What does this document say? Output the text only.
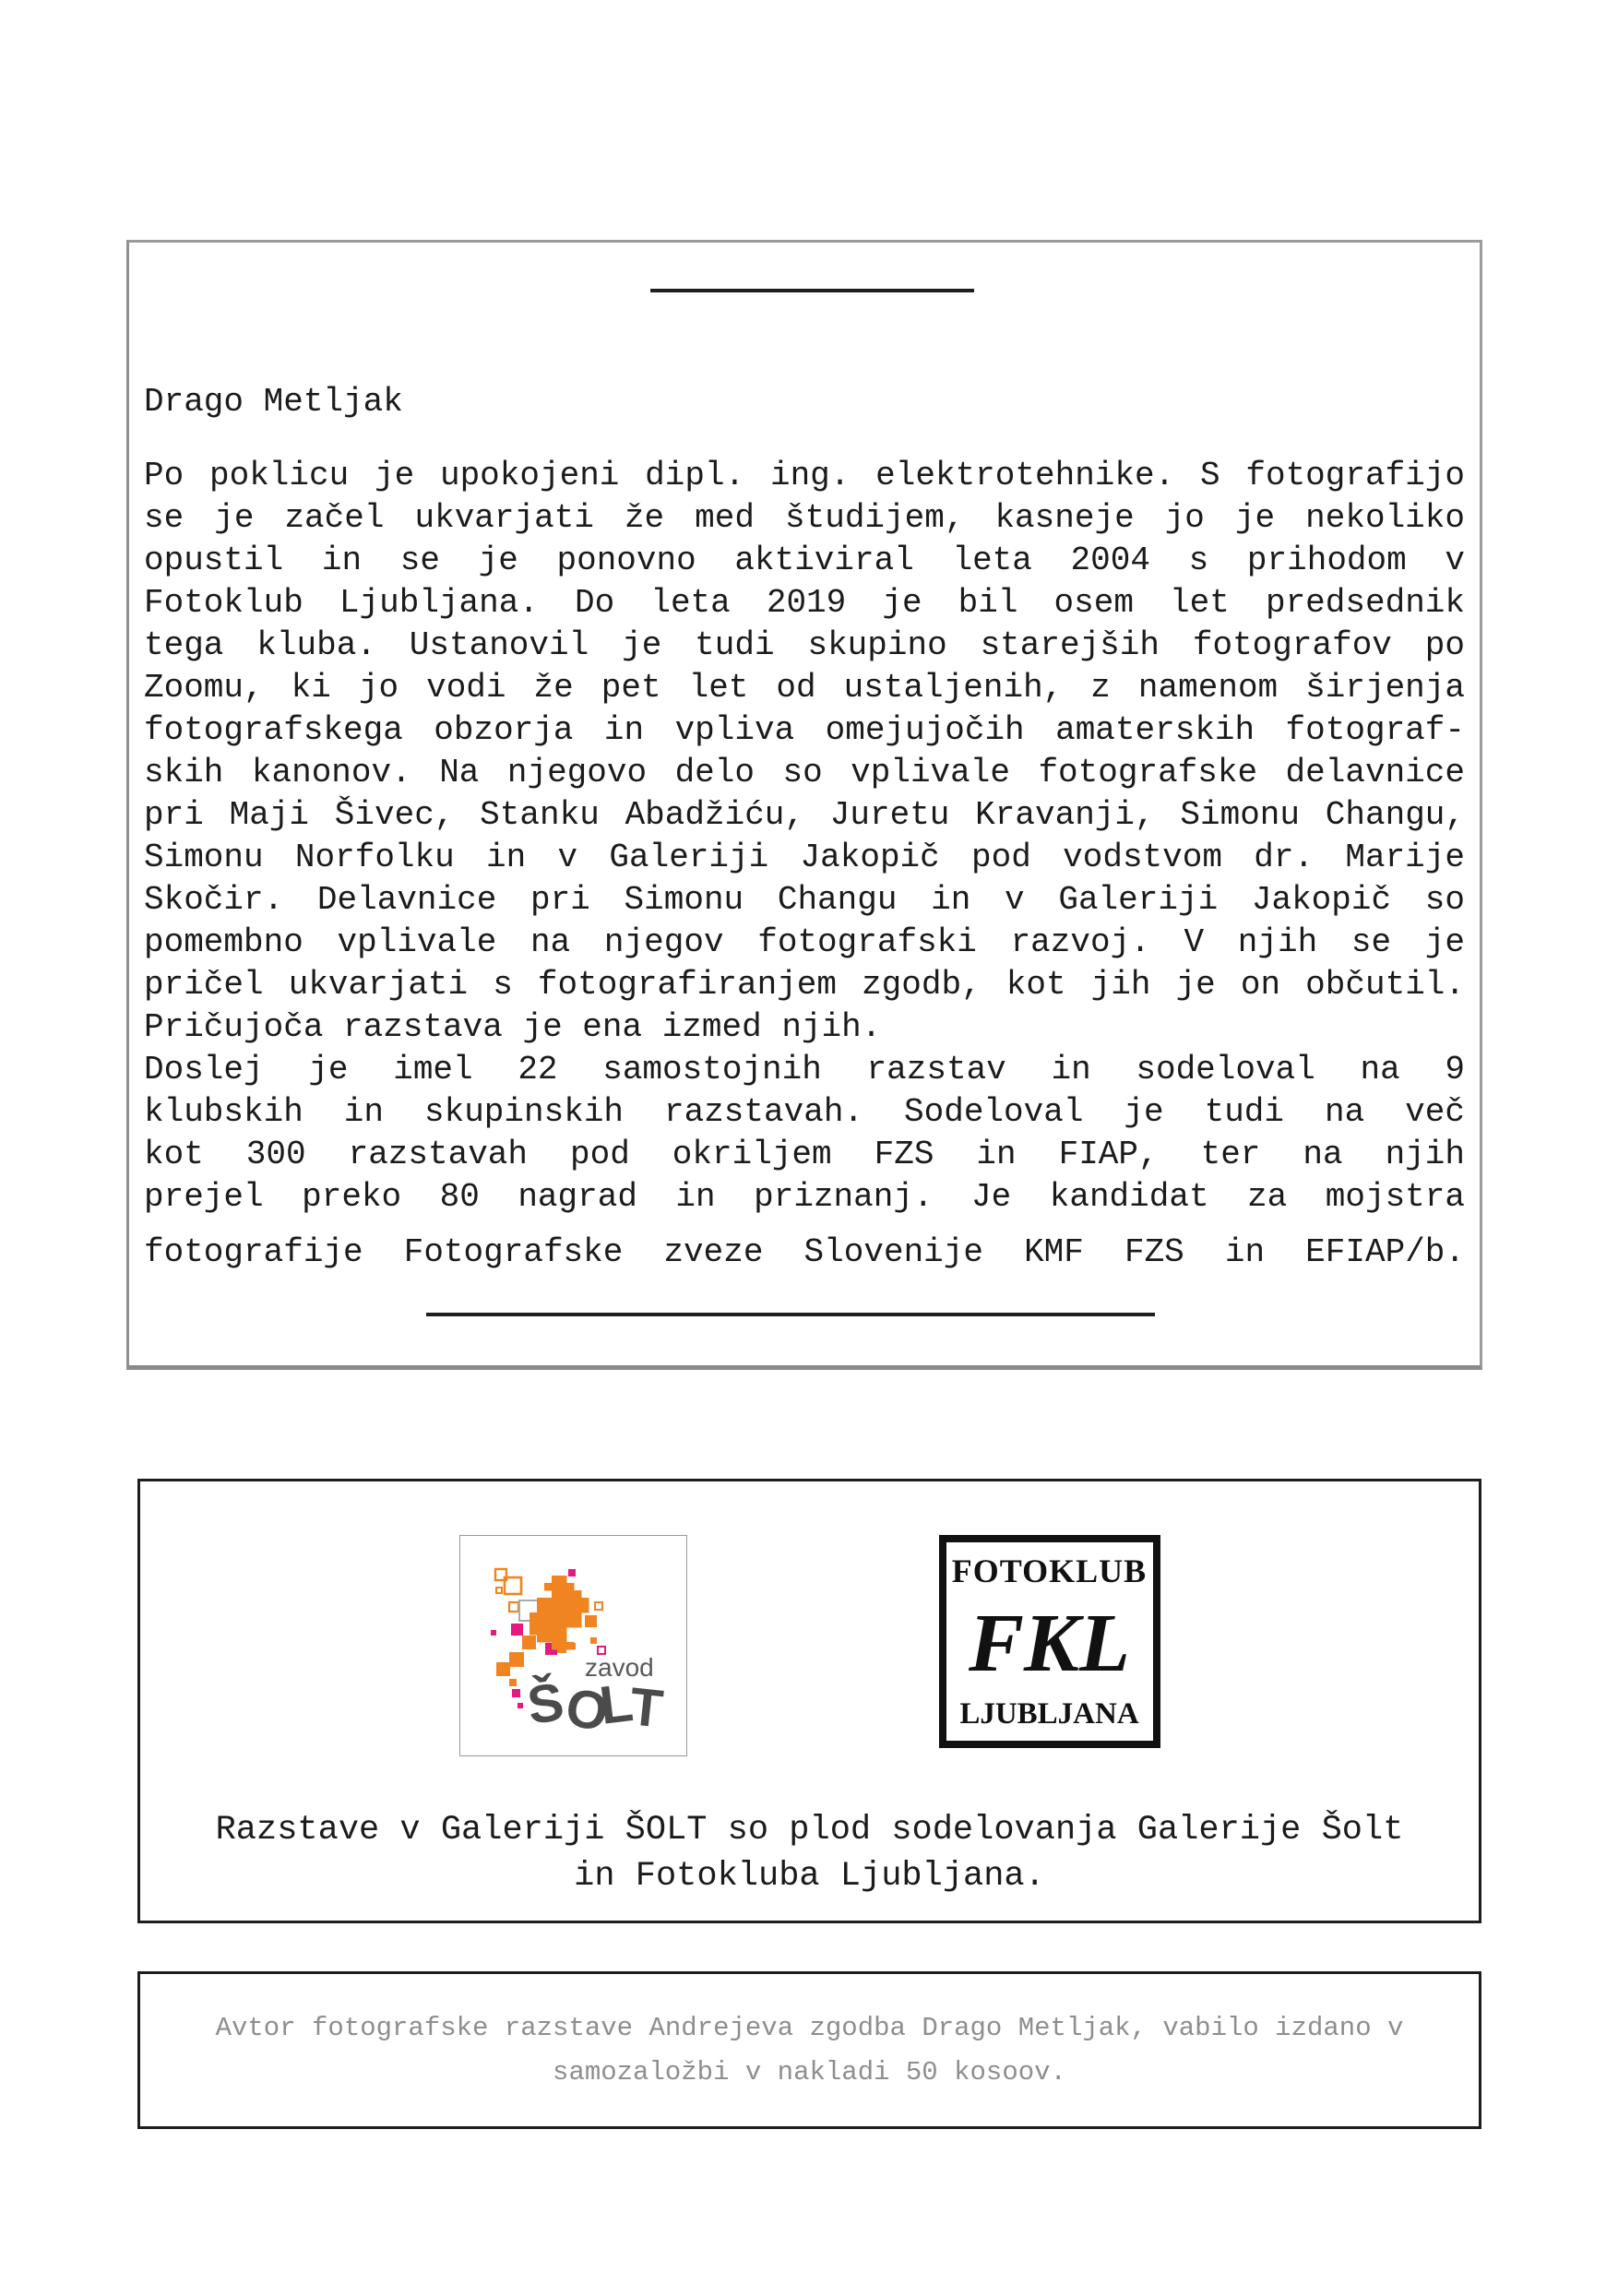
Drago Metljak
Po poklicu je upokojeni dipl. ing. elektrotehnike. S fotografijo
se je začel ukvarjati že med študijem, kasneje jo je nekoliko
opustil in se je ponovno aktiviral leta 2004 s prihodom v
Fotoklub Ljubljana. Do leta 2019 je bil osem let predsednik
tega kluba. Ustanovil je tudi skupino starejših fotografov po
Zoomu, ki jo vodi že pet let od ustaljenih, z namenom širjenja
fotografskega obzorja in vpliva omejujočih amaterskih fotograf-
skih kanonov. Na njegovo delo so vplivale fotografske delavnice
pri Maji Šivec, Stanku Abadžiću, Juretu Kravanji, Simonu Changu,
Simonu Norfolku in v Galeriji Jakopič pod vodstvom dr. Marije
Skočir. Delavnice pri Simonu Changu in v Galeriji Jakopič so
pomembno vplivale na njegov fotografski razvoj. V njih se je
pričel ukvarjati s fotografiranjem zgodb, kot jih je on občutil.
Pričujoča razstava je ena izmed njih.
Doslej je imel 22 samostojnih razstav in sodeloval na 9
klubskih in skupinskih razstavah. Sodeloval je tudi na več
kot 300 razstavah pod okriljem FZS in FIAP, ter na njih
prejel preko 80 nagrad in priznanj. Je kandidat za mojstra
fotografije Fotografske zveze Slovenije KMF FZS in EFIAP/b.
zavod
ŠOLT
FOTOKLUB
FKL
LJUBLJANA
Razstave v Galeriji ŠOLT so plod sodelovanja Galerije Šolt
in Fotokluba Ljubljana.
Avtor fotografske razstave Andrejeva zgodba Drago Metljak, vabilo izdano v
samozaložbi v nakladi 50 kosoov.
